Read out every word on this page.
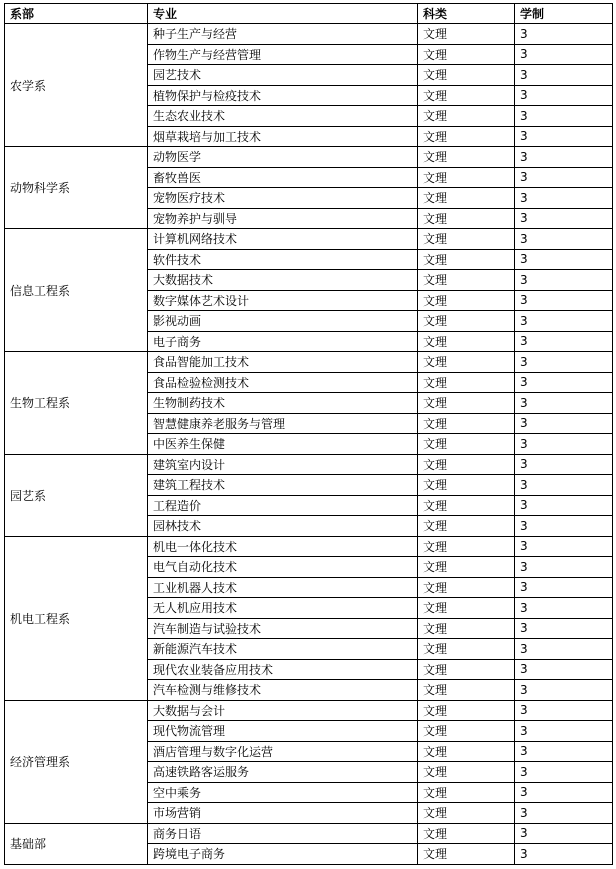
系部	专业	科类	学制
农学系	种子生产与经营	文理	3
	作物生产与经营管理	文理	3
	园艺技术	文理	3
	植物保护与检疫技术	文理	3
	生态农业技术	文理	3
	烟草栽培与加工技术	文理	3
动物科学系	动物医学	文理	3
	畜牧兽医	文理	3
	宠物医疗技术	文理	3
	宠物养护与驯导	文理	3
信息工程系	计算机网络技术	文理	3
	软件技术	文理	3
	大数据技术	文理	3
	数字媒体艺术设计	文理	3
	影视动画	文理	3
	电子商务	文理	3
生物工程系	食品智能加工技术	文理	3
	食品检验检测技术	文理	3
	生物制药技术	文理	3
	智慧健康养老服务与管理	文理	3
	中医养生保健	文理	3
园艺系	建筑室内设计	文理	3
	建筑工程技术	文理	3
	工程造价	文理	3
	园林技术	文理	3
机电工程系	机电一体化技术	文理	3
	电气自动化技术	文理	3
	工业机器人技术	文理	3
	无人机应用技术	文理	3
	汽车制造与试验技术	文理	3
	新能源汽车技术	文理	3
	现代农业装备应用技术	文理	3
	汽车检测与维修技术	文理	3
经济管理系	大数据与会计	文理	3
	现代物流管理	文理	3
	酒店管理与数字化运营	文理	3
	高速铁路客运服务	文理	3
	空中乘务	文理	3
	市场营销	文理	3
基础部	商务日语	文理	3
	跨境电子商务	文理	3
